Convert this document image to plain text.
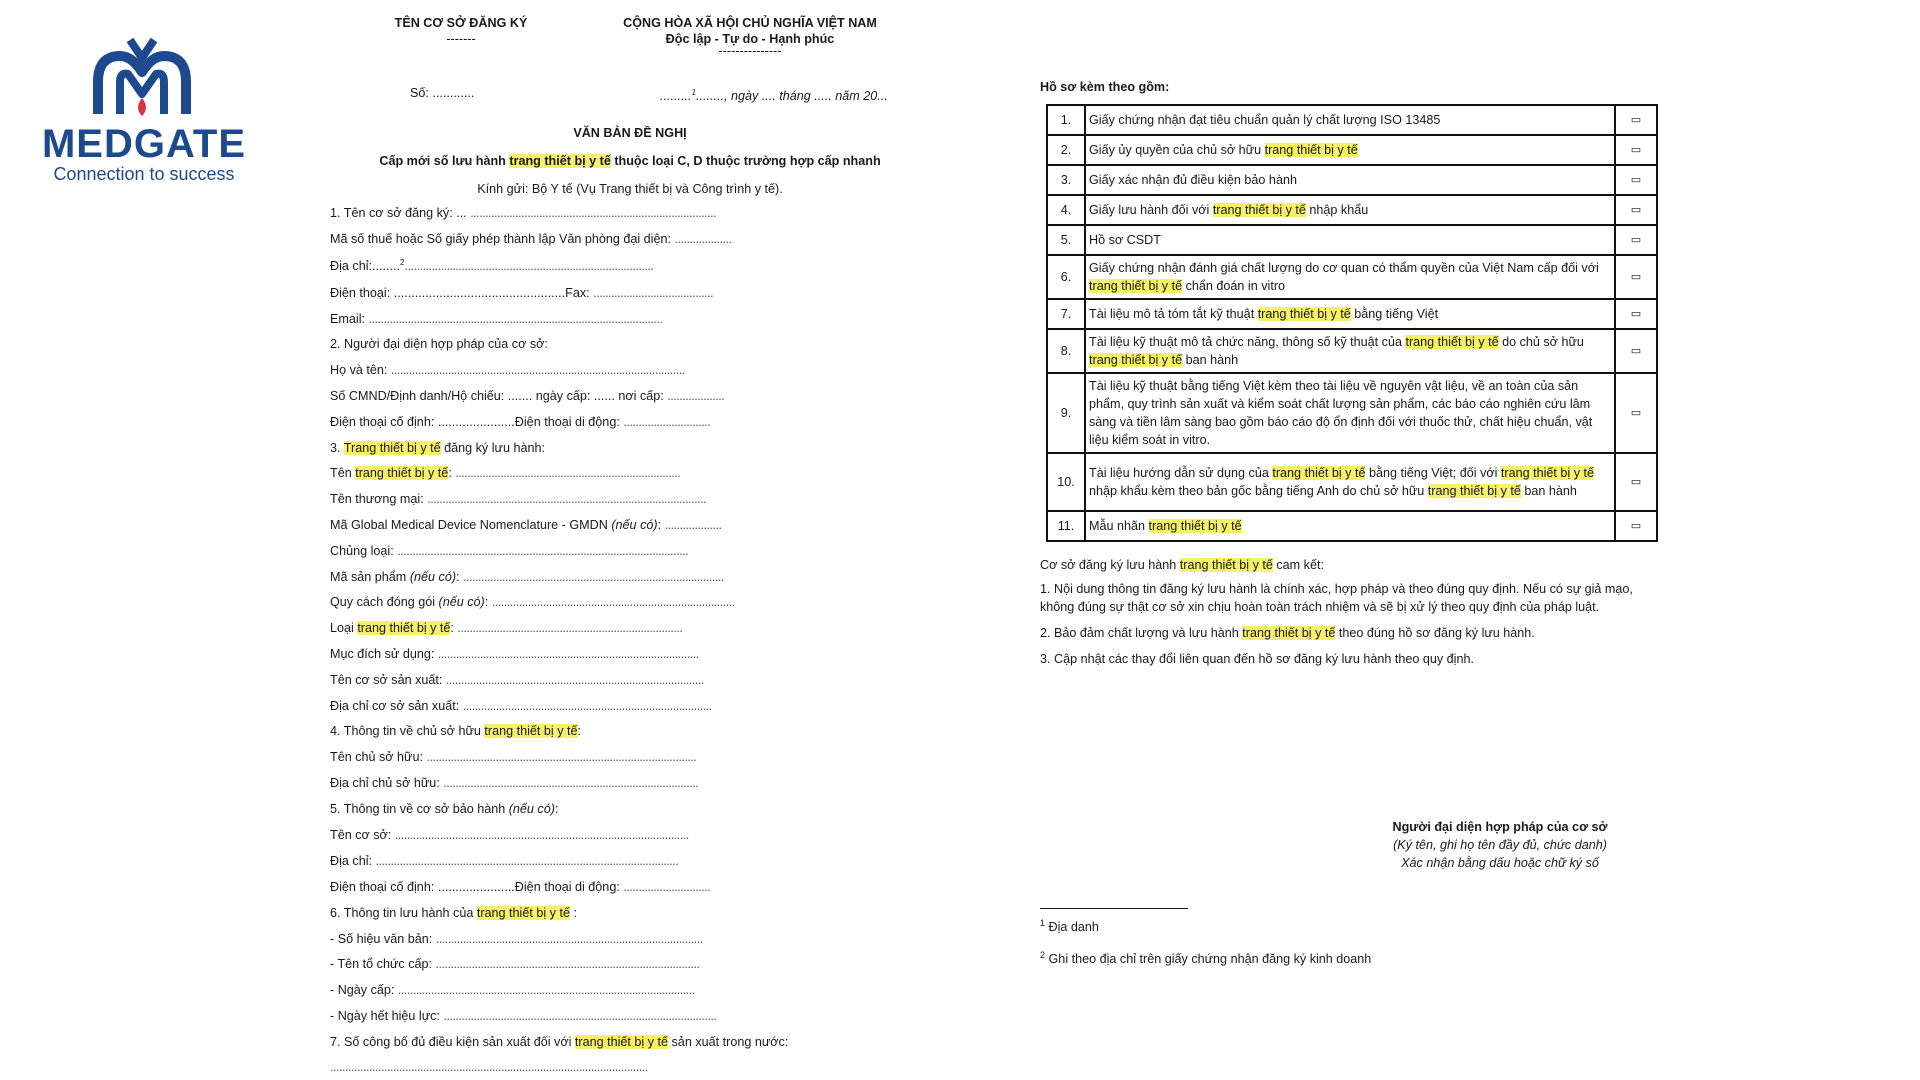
MEDGATE
Connection to success
TÊN CƠ SỞ ĐĂNG KÝ
-------
CỘNG HÒA XÃ HỘI CHỦ NGHĨA VIỆT NAM
Độc lập - Tự do - Hạnh phúc
---------------
Số: ............	.........$^1$........, ngày .... tháng ..... năm 20...
VĂN BẢN ĐỀ NGHỊ
Cấp mới số lưu hành trang thiết bị y tế thuộc loại C, D thuộc trường hợp cấp nhanh
Kính gửi: Bộ Y tế (Vụ Trang thiết bị và Công trình y tế).
1. Tên cơ sở đăng ký: ... ..................................................................................
Mã số thuế hoặc Số giấy phép thành lập Văn phòng đại diện: ...................
Địa chỉ:........$^2$...................................................................................
Điện thoại: .................................................Fax: ........................................
Email: ..................................................................................................
2. Người đại diện hợp pháp của cơ sở:
Họ và tên: ..................................................................................................
Số CMND/Định danh/Hộ chiếu: ....... ngày cấp: ...... nơi cấp: ...................
Điện thoại cố định: ......................Điện thoại di động: .............................
3. Trang thiết bị y tế đăng ký lưu hành:
Tên trang thiết bị y tế: ...........................................................................
Tên thương mại: .............................................................................................
Mã Global Medical Device Nomenclature - GMDN (nếu có): ...................
Chủng loại: .................................................................................................
Mã sản phẩm (nếu có): .......................................................................................
Quy cách đóng gói (nếu có): .................................................................................
Loại trang thiết bị y tế: ...........................................................................
Mục đích sử dụng: .......................................................................................
Tên cơ sở sản xuất: ......................................................................................
Địa chỉ cơ sở sản xuất: ...................................................................................
4. Thông tin về chủ sở hữu trang thiết bị y tế:
Tên chủ sở hữu: ..........................................................................................
Địa chỉ chủ sở hữu: .....................................................................................
5. Thông tin về cơ sở bảo hành (nếu có):
Tên cơ sở: ..................................................................................................
Địa chỉ: .....................................................................................................
Điện thoại cố định: ......................Điện thoại di động: .............................
6. Thông tin lưu hành của trang thiết bị y tế :
- Số hiệu văn bản: .........................................................................................
- Tên tổ chức cấp: ........................................................................................
- Ngày cấp: ...................................................................................................
- Ngày hết hiệu lực: ...........................................................................................
7. Số công bố đủ điều kiện sản xuất đối với trang thiết bị y tế sản xuất trong nước:
..........................................................................................................
Hồ sơ kèm theo gồm:
1.	Giấy chứng nhận đạt tiêu chuẩn quản lý chất lượng ISO 13485	▭
2.	Giấy ủy quyền của chủ sở hữu trang thiết bị y tế	▭
3.	Giấy xác nhận đủ điều kiện bảo hành	▭
4.	Giấy lưu hành đối với trang thiết bị y tế nhập khẩu	▭
5.	Hồ sơ CSDT	▭
6.	Giấy chứng nhận đánh giá chất lượng do cơ quan có thẩm quyền của Việt Nam cấp đối với trang thiết bị y tế chẩn đoán in vitro	▭
7.	Tài liệu mô tả tóm tắt kỹ thuật trang thiết bị y tế bằng tiếng Việt	▭
8.	Tài liệu kỹ thuật mô tả chức năng, thông số kỹ thuật của trang thiết bị y tế do chủ sở hữu trang thiết bị y tế ban hành	▭
9.	Tài liệu kỹ thuật bằng tiếng Việt kèm theo tài liệu về nguyên vật liệu, về an toàn của sản phẩm, quy trình sản xuất và kiểm soát chất lượng sản phẩm, các báo cáo nghiên cứu lâm sàng và tiền lâm sàng bao gồm báo cáo độ ổn định đối với thuốc thử, chất hiệu chuẩn, vật liệu kiểm soát in vitro.	▭
10.	Tài liệu hướng dẫn sử dụng của trang thiết bị y tế bằng tiếng Việt; đối với trang thiết bị y tế nhập khẩu kèm theo bản gốc bằng tiếng Anh do chủ sở hữu trang thiết bị y tế ban hành	▭
11.	Mẫu nhãn trang thiết bị y tế	▭
Cơ sở đăng ký lưu hành trang thiết bị y tế cam kết:
1. Nội dung thông tin đăng ký lưu hành là chính xác, hợp pháp và theo đúng quy định. Nếu có sự giả mạo, không đúng sự thật cơ sở xin chịu hoàn toàn trách nhiệm và sẽ bị xử lý theo quy định của pháp luật.
2. Bảo đảm chất lượng và lưu hành trang thiết bị y tế theo đúng hồ sơ đăng ký lưu hành.
3. Cập nhật các thay đổi liên quan đến hồ sơ đăng ký lưu hành theo quy định.
Người đại diện hợp pháp của cơ sở
(Ký tên, ghi họ tên đầy đủ, chức danh)
Xác nhận bằng dấu hoặc chữ ký số
$^1$ Địa danh
$^2$ Ghi theo địa chỉ trên giấy chứng nhận đăng ký kinh doanh
